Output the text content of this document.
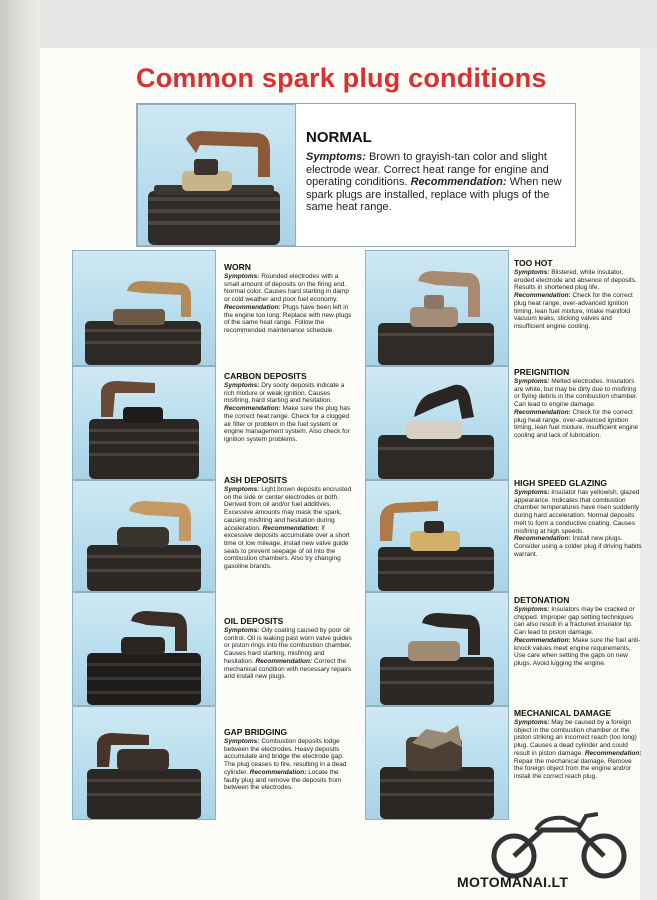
Common spark plug conditions
NORMAL

Symptoms: Brown to grayish-tan color and slight electrode wear. Correct heat range for engine and operating conditions. Recommendation: When new spark plugs are installed, replace with plugs of the same heat range.

WORN

Symptoms: Rounded electrodes with a small amount of deposits on the firing end. Normal color. Causes hard starting in damp or cold weather and poor fuel economy. Recommendation: Plugs have been left in the engine too long. Replace with new plugs of the same heat range. Follow the recommended maintenance schedule.

CARBON DEPOSITS

Symptoms: Dry sooty deposits indicate a rich mixture or weak ignition. Causes misfiring, hard starting and hesitation. Recommendation: Make sure the plug has the correct heat range. Check for a clogged air filter or problem in the fuel system or engine management system. Also check for ignition system problems.

ASH DEPOSITS

Symptoms: Light brown deposits encrusted on the side or center electrodes or both. Derived from oil and/or fuel additives. Excessive amounts may mask the spark, causing misfiring and hesitation during acceleration. Recommendation: If excessive deposits accumulate over a short time or low mileage, install new valve guide seals to prevent seepage of oil into the combustion chambers. Also try changing gasoline brands.

OIL DEPOSITS

Symptoms: Oily coating caused by poor oil control. Oil is leaking past worn valve guides or piston rings into the combustion chamber. Causes hard starting, misfiring and hesitation. Recommendation: Correct the mechanical condition with necessary repairs and install new plugs.

GAP BRIDGING

Symptoms: Combustion deposits lodge between the electrodes. Heavy deposits accumulate and bridge the electrode gap. The plug ceases to fire, resulting in a dead cylinder. Recommendation: Locate the faulty plug and remove the deposits from between the electrodes.

TOO HOT

Symptoms: Blistered, white insulator, eroded electrode and absence of deposits. Results in shortened plug life. Recommendation: Check for the correct plug heat range, over-advanced ignition timing, lean fuel mixture, intake manifold vacuum leaks, sticking valves and insufficient engine cooling.

PREIGNITION

Symptoms: Melted electrodes. Insulators are white, but may be dirty due to misfiring or flying debris in the combustion chamber. Can lead to engine damage. Recommendation: Check for the correct plug heat range, over-advanced ignition timing, lean fuel mixture, insufficient engine cooling and lack of lubrication.

HIGH SPEED GLAZING

Symptoms: Insulator has yellowish, glazed appearance. Indicates that combustion chamber temperatures have risen suddenly during hard acceleration. Normal deposits melt to form a conductive coating. Causes misfiring at high speeds. Recommendation: Install new plugs. Consider using a colder plug if driving habits warrant.

DETONATION

Symptoms: Insulators may be cracked or chipped. Improper gap setting techniques can also result in a fractured insulator tip. Can lead to piston damage. Recommendation: Make sure the fuel anti-knock values meet engine requirements. Use care when setting the gaps on new plugs. Avoid lugging the engine.

MECHANICAL DAMAGE

Symptoms: May be caused by a foreign object in the combustion chamber or the piston striking an incorrect reach (too long) plug. Causes a dead cylinder and could result in piston damage. Recommendation: Repair the mechanical damage. Remove the foreign object from the engine and/or install the correct reach plug.

MOTOMANAI.LT
